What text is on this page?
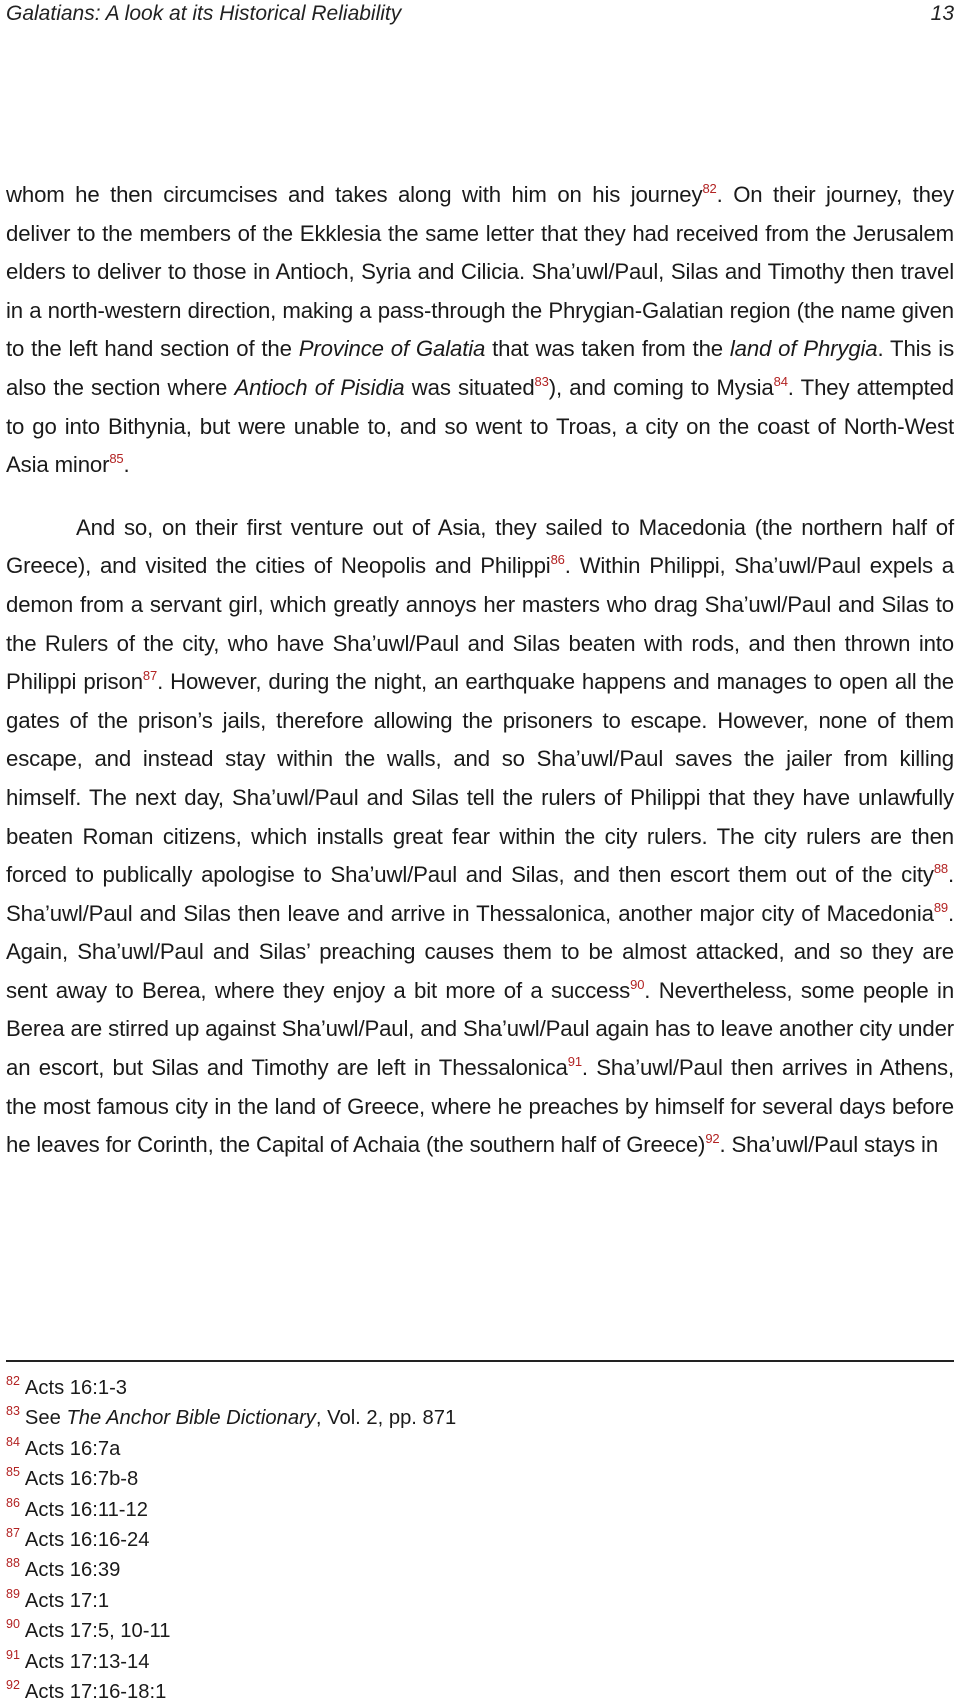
Galatians: A look at its Historical Reliability	13

whom he then circumcises and takes along with him on his journey$^{82}$. On their journey, they deliver to the members of the Ekklesia the same letter that they had received from the Jerusalem elders to deliver to those in Antioch, Syria and Cilicia. Sha’uwl/Paul, Silas and Timothy then travel in a north-western direction, making a pass-through the Phrygian-Galatian region (the name given to the left hand section of the Province of Galatia that was taken from the land of Phrygia. This is also the section where Antioch of Pisidia was situated$^{83}$), and coming to Mysia$^{84}$. They attempted to go into Bithynia, but were unable to, and so went to Troas, a city on the coast of North-West Asia minor$^{85}$.

And so, on their first venture out of Asia, they sailed to Macedonia (the northern half of Greece), and visited the cities of Neopolis and Philippi$^{86}$. Within Philippi, Sha’uwl/Paul expels a demon from a servant girl, which greatly annoys her masters who drag Sha’uwl/Paul and Silas to the Rulers of the city, who have Sha’uwl/Paul and Silas beaten with rods, and then thrown into Philippi prison$^{87}$. However, during the night, an earthquake happens and manages to open all the gates of the prison’s jails, therefore allowing the prisoners to escape. However, none of them escape, and instead stay within the walls, and so Sha’uwl/Paul saves the jailer from killing himself. The next day, Sha’uwl/Paul and Silas tell the rulers of Philippi that they have unlawfully beaten Roman citizens, which installs great fear within the city rulers. The city rulers are then forced to publically apologise to Sha’uwl/Paul and Silas, and then escort them out of the city$^{88}$. Sha’uwl/Paul and Silas then leave and arrive in Thessalonica, another major city of Macedonia$^{89}$. Again, Sha’uwl/Paul and Silas’ preaching causes them to be almost attacked, and so they are sent away to Berea, where they enjoy a bit more of a success$^{90}$. Nevertheless, some people in Berea are stirred up against Sha’uwl/Paul, and Sha’uwl/Paul again has to leave another city under an escort, but Silas and Timothy are left in Thessalonica$^{91}$. Sha’uwl/Paul then arrives in Athens, the most famous city in the land of Greece, where he preaches by himself for several days before he leaves for Corinth, the Capital of Achaia (the southern half of Greece)$^{92}$. Sha’uwl/Paul stays in

$^{82}$ Acts 16:1-3
$^{83}$ See The Anchor Bible Dictionary, Vol. 2, pp. 871
$^{84}$ Acts 16:7a
$^{85}$ Acts 16:7b-8
$^{86}$ Acts 16:11-12
$^{87}$ Acts 16:16-24
$^{88}$ Acts 16:39
$^{89}$ Acts 17:1
$^{90}$ Acts 17:5, 10-11
$^{91}$ Acts 17:13-14
$^{92}$ Acts 17:16-18:1
